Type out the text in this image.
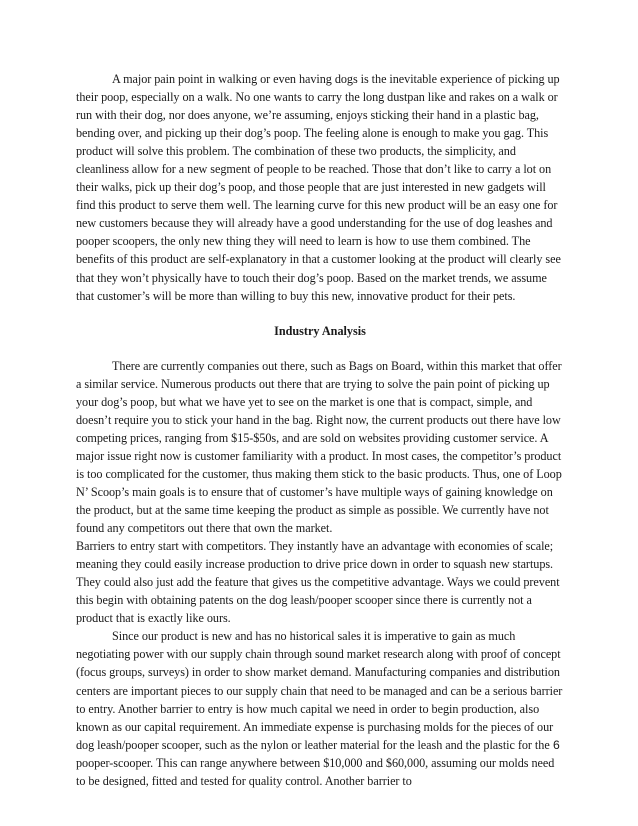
A major pain point in walking or even having dogs is the inevitable experience of picking up their poop, especially on a walk. No one wants to carry the long dustpan like and rakes on a walk or run with their dog, nor does anyone, we’re assuming, enjoys sticking their hand in a plastic bag, bending over, and picking up their dog’s poop. The feeling alone is enough to make you gag. This product will solve this problem. The combination of these two products, the simplicity, and cleanliness allow for a new segment of people to be reached. Those that don’t like to carry a lot on their walks, pick up their dog’s poop, and those people that are just interested in new gadgets will find this product to serve them well. The learning curve for this new product will be an easy one for new customers because they will already have a good understanding for the use of dog leashes and pooper scoopers, the only new thing they will need to learn is how to use them combined. The benefits of this product are self-explanatory in that a customer looking at the product will clearly see that they won’t physically have to touch their dog’s poop. Based on the market trends, we assume that customer’s will be more than willing to buy this new, innovative product for their pets.

Industry Analysis

There are currently companies out there, such as Bags on Board, within this market that offer a similar service. Numerous products out there that are trying to solve the pain point of picking up your dog’s poop, but what we have yet to see on the market is one that is compact, simple, and doesn’t require you to stick your hand in the bag. Right now, the current products out there have low competing prices, ranging from $15-$50s, and are sold on websites providing customer service. A major issue right now is customer familiarity with a product. In most cases, the competitor’s product is too complicated for the customer, thus making them stick to the basic products. Thus, one of Loop N’ Scoop’s main goals is to ensure that of customer’s have multiple ways of gaining knowledge on the product, but at the same time keeping the product as simple as possible. We currently have not found any competitors out there that own the market.

Barriers to entry start with competitors. They instantly have an advantage with economies of scale; meaning they could easily increase production to drive price down in order to squash new startups. They could also just add the feature that gives us the competitive advantage. Ways we could prevent this begin with obtaining patents on the dog leash/pooper scooper since there is currently not a product that is exactly like ours.

Since our product is new and has no historical sales it is imperative to gain as much negotiating power with our supply chain through sound market research along with proof of concept (focus groups, surveys) in order to show market demand. Manufacturing companies and distribution centers are important pieces to our supply chain that need to be managed and can be a serious barrier to entry. Another barrier to entry is how much capital we need in order to begin production, also known as our capital requirement. An immediate expense is purchasing molds for the pieces of our dog leash/pooper scooper, such as the nylon or leather material for the leash and the plastic for the pooper-scooper. This can range anywhere between $10,000 and $60,000, assuming our molds need to be designed, fitted and tested for quality control. Another barrier to

6
